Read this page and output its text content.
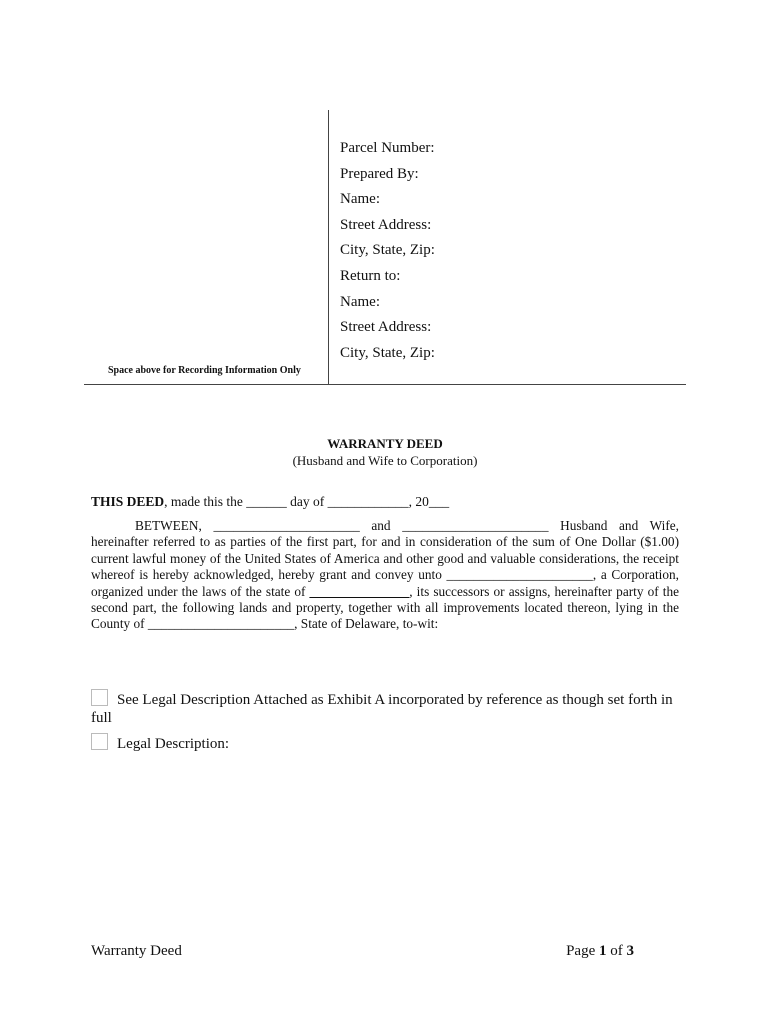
Parcel Number:
Prepared By:
Name:
Street Address:
City, State, Zip:
Return to:
Name:
Street Address:
City, State, Zip:
Space above for Recording Information Only
WARRANTY DEED
(Husband and Wife to Corporation)
THIS DEED, made this the ______ day of ____________, 20___
BETWEEN, ______________________ and ______________________ Husband and Wife, hereinafter referred to as parties of the first part, for and in consideration of the sum of One Dollar ($1.00) current lawful money of the United States of America and other good and valuable considerations, the receipt whereof is hereby acknowledged, hereby grant and convey unto ______________________, a Corporation, organized under the laws of the state of _______________, its successors or assigns, hereinafter party of the second part, the following lands and property, together with all improvements located thereon, lying in the County of ______________________, State of Delaware, to-wit:
See Legal Description Attached as Exhibit A incorporated by reference as though set forth in full
Legal Description:
Warranty Deed	Page 1 of 3
